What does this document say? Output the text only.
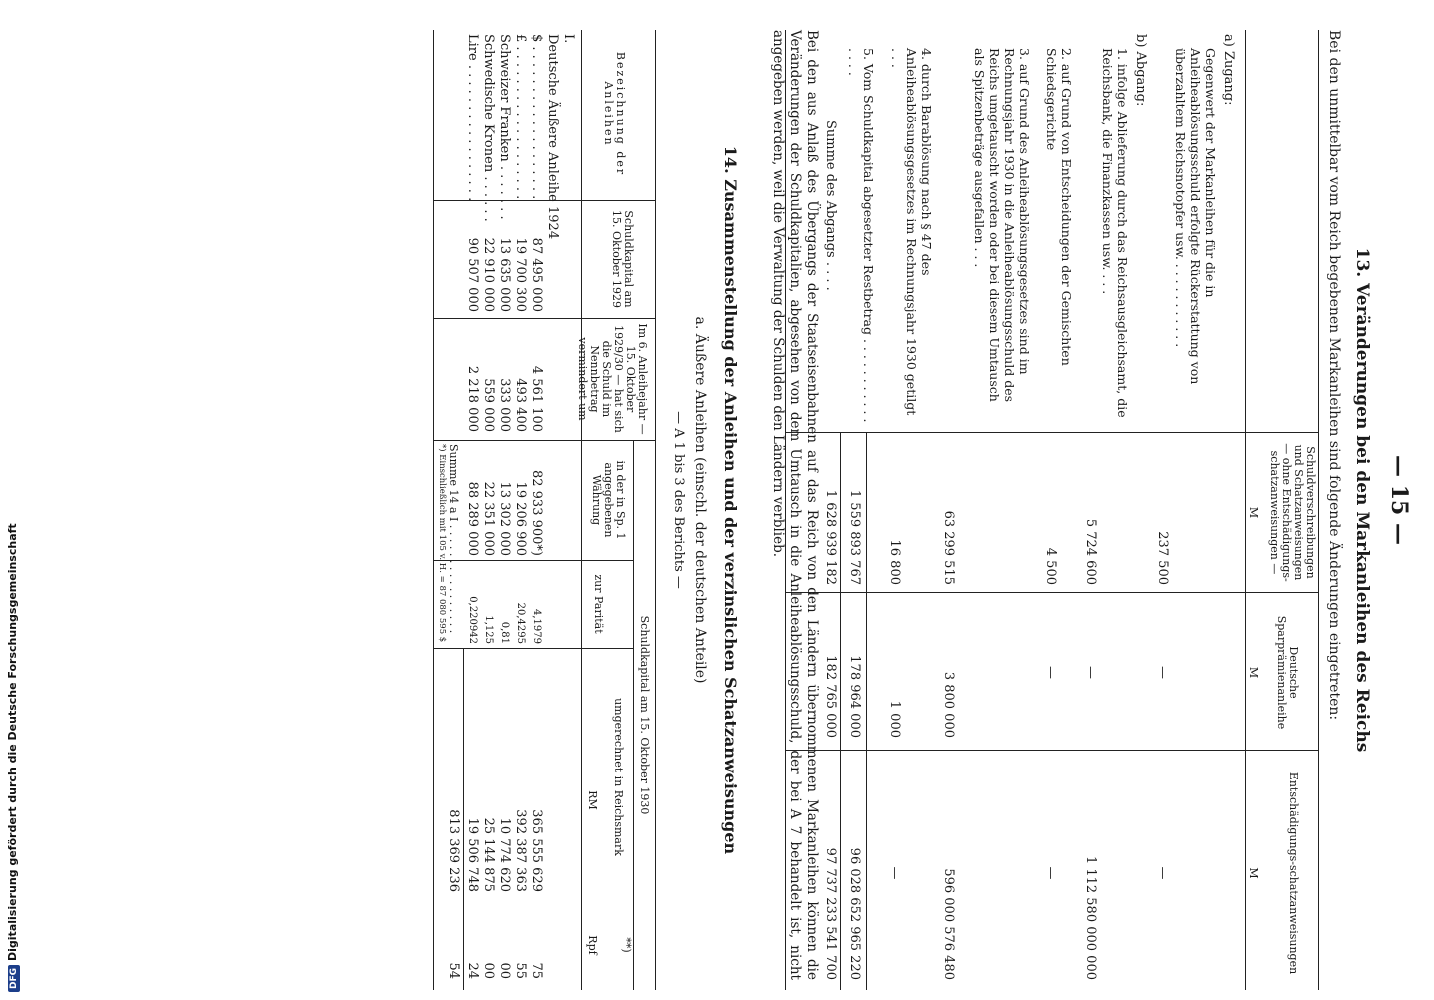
— 15 —
13. Veränderungen bei den Markanleihen des Reichs
Bei den unmittelbar vom Reich begebenen Markanleihen sind folgende Änderungen eingetreten:
Schuldverschreibungen und Schatzanweisungen — ohne Entschädigungs-schatzanweisungen —
M
Deutsche Sparprämienanleihe
M
Entschädigungs-schatzanweisungen
M
a) Zugang:
Gegenwert der Markanleihen für die in Anleiheablösungsschuld erfolgte Rückerstattung von überzahltem Reichsnotopfer usw. . . . . . . . . . . .
237 500
—
—
b) Abgang:
1. infolge Ablieferung durch das Reichsausgleichsamt, die Reichsbank, die Finanzkassen usw. . . .
5 724 600
—
1 112 580 000 000
2. auf Grund von Entscheidungen der Gemischten Schiedsgerichte
4 500
—
—
3. auf Grund des Anleiheablösungsgesetzes sind im Rechnungsjahr 1930 in die Anleiheablösungsschuld des Reichs umgetauscht worden oder bei diesem Umtausch als Spitzenbeträge ausgefallen . . .
63 299 515
3 800 000
596 000 576 480
4. durch Barablösung nach § 47 des Anleiheablösungsgesetzes im Rechnungsjahr 1930 getilgt . . .
16 800
1 000
—
5. Vom Schuldkapital abgesetzter Restbetrag . . . . . . . . . . . . . . .
1 559 893 767
178 964 000
96 028 652 965 220
Summe des Abgangs . . . .
1 628 939 182
182 765 000
97 737 233 541 700
Bei den aus Anlaß des Übergangs der Staatseisenbahnen auf das Reich von den Ländern übernommenen Markanleihen können die Veränderungen der Schuldkapitalien, abgesehen von dem Umtausch in die Anleiheablösungsschuld, der bei A 7 behandelt ist, nicht angegeben werden, weil die Verwaltung der Schulden den Ländern verblieb.
14. Zusammenstellung der Anleihen und der verzinslichen Schatzanweisungen
a. Äußere Anleihen (einschl. der deutschen Anteile)
— A 1 bis 3 des Berichts —
Bezeichnung der Anleihen
Schuldkapital am 15. Oktober 1929
Im 6. Anleihejahr — 15. Oktober 1929/30 — hat sich die Schuld im Nennbetrag vermindert um
Schuldkapital am 15. Oktober 1930
in der in Sp. 1 angegebenen Währung
zur Parität
umgerechnet in Reichsmark
RM
Rpf **)
I.
Deutsche Äußere Anleihe 1924
$ . . . . . . . . . . . . . . . . . . .
87 495 000
4 561 100
82 933 900*)
4,1979
365 555 629
75
£ . . . . . . . . . . . . . . . . . . .
19 700 300
493 400
19 206 900
20,4295
392 387 363
55
Schweizer Franken . . . . . . .
13 635 000
333 000
13 302 000
0,81
10 774 620
00
Schwedische Kronen . . . . . .
22 910 000
559 000
22 351 000
1,125
25 144 875
00
Lire . . . . . . . . . . . . . . . . .
90 507 000
2 218 000
88 289 000
0,220942
19 506 748
24
Summe 14 a I . . . . . . . . . . . . . . . .
813 369 236
54
*) Einschließlich mit 105 v. H. = 87 080 595 $
DFGDigitalisierung gefördert durch die Deutsche Forschungsgemeinschaft
